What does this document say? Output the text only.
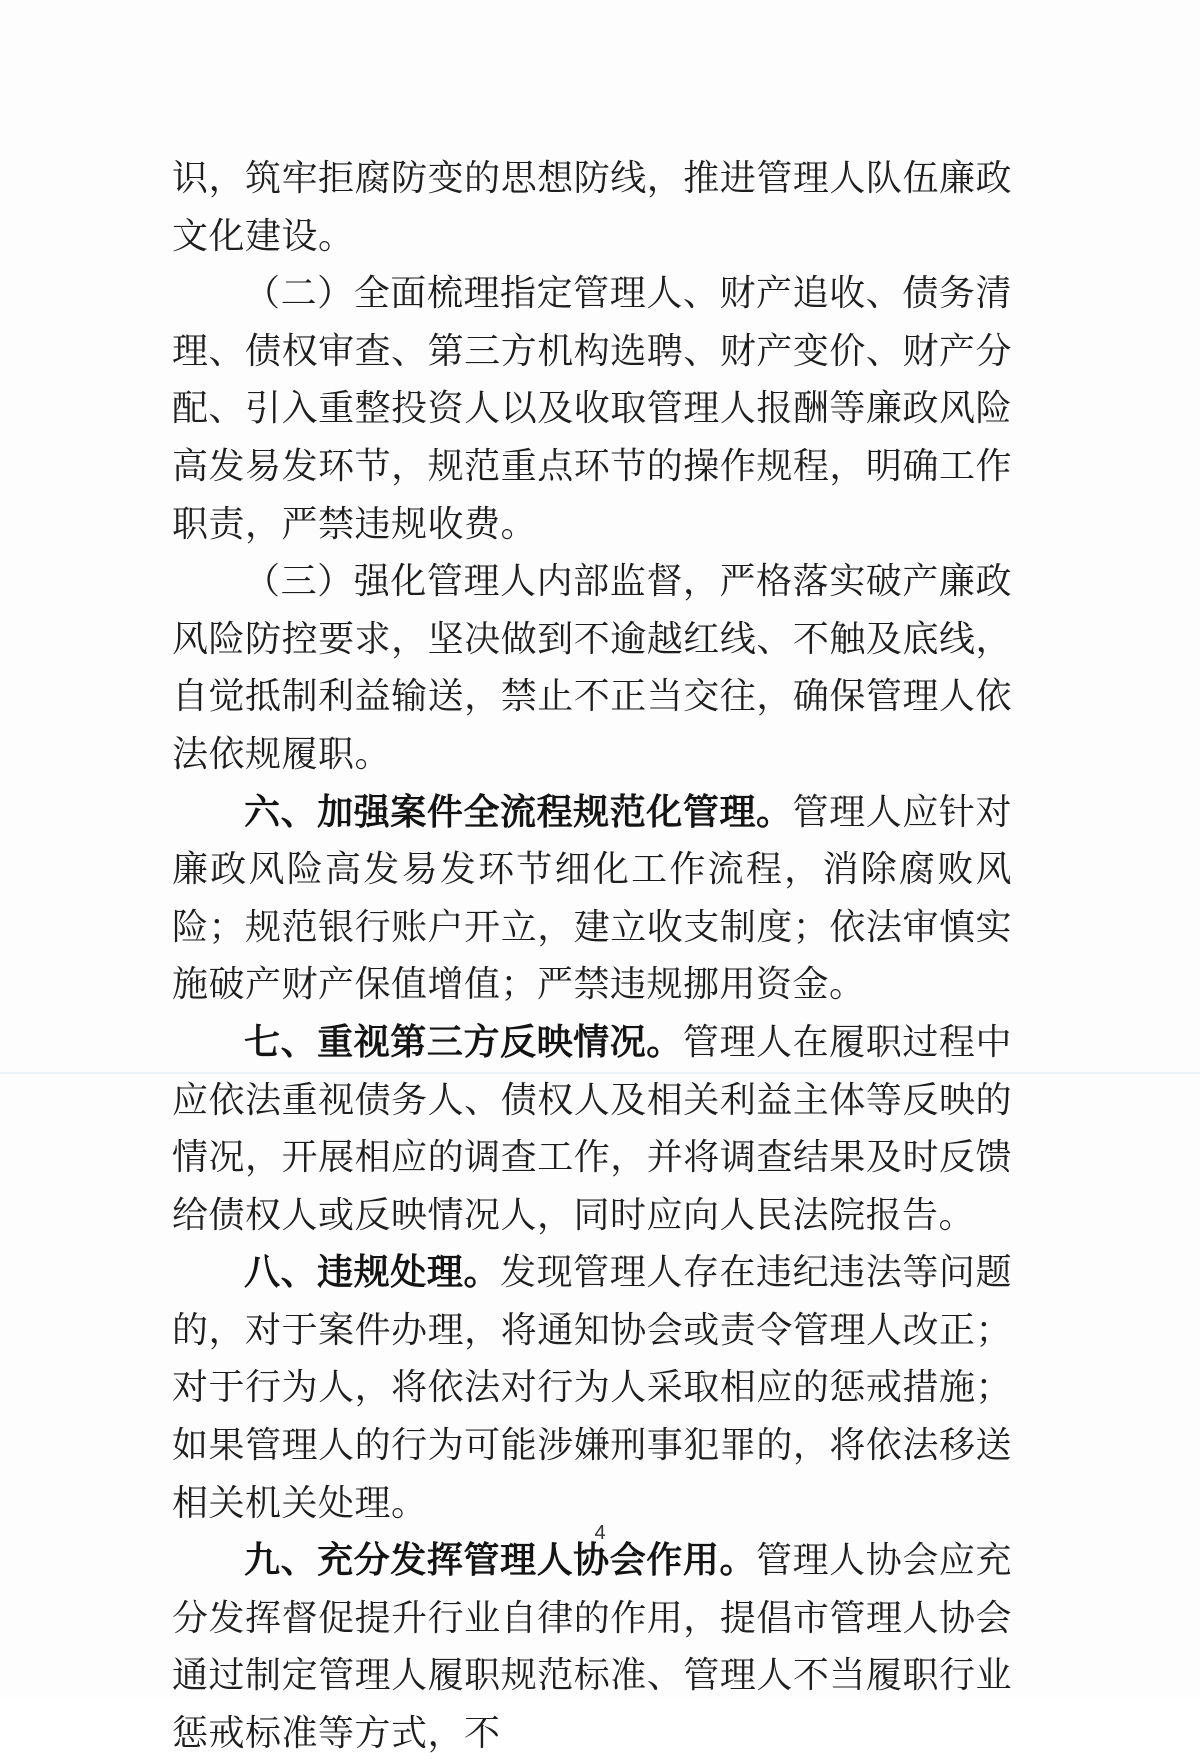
识，筑牢拒腐防变的思想防线，推进管理人队伍廉政文化建设。

（二）全面梳理指定管理人、财产追收、债务清理、债权审查、第三方机构选聘、财产变价、财产分配、引入重整投资人以及收取管理人报酬等廉政风险高发易发环节，规范重点环节的操作规程，明确工作职责，严禁违规收费。

（三）强化管理人内部监督，严格落实破产廉政风险防控要求，坚决做到不逾越红线、不触及底线，自觉抵制利益输送，禁止不正当交往，确保管理人依法依规履职。

六、加强案件全流程规范化管理。管理人应针对廉政风险高发易发环节细化工作流程，消除腐败风险；规范银行账户开立，建立收支制度；依法审慎实施破产财产保值增值；严禁违规挪用资金。

七、重视第三方反映情况。管理人在履职过程中应依法重视债务人、债权人及相关利益主体等反映的情况，开展相应的调查工作，并将调查结果及时反馈给债权人或反映情况人，同时应向人民法院报告。

八、违规处理。发现管理人存在违纪违法等问题的，对于案件办理，将通知协会或责令管理人改正；对于行为人，将依法对行为人采取相应的惩戒措施；如果管理人的行为可能涉嫌刑事犯罪的，将依法移送相关机关处理。

九、充分发挥管理人协会作用。管理人协会应充分发挥督促提升行业自律的作用，提倡市管理人协会通过制定管理人履职规范标准、管理人不当履职行业惩戒标准等方式，不

4
